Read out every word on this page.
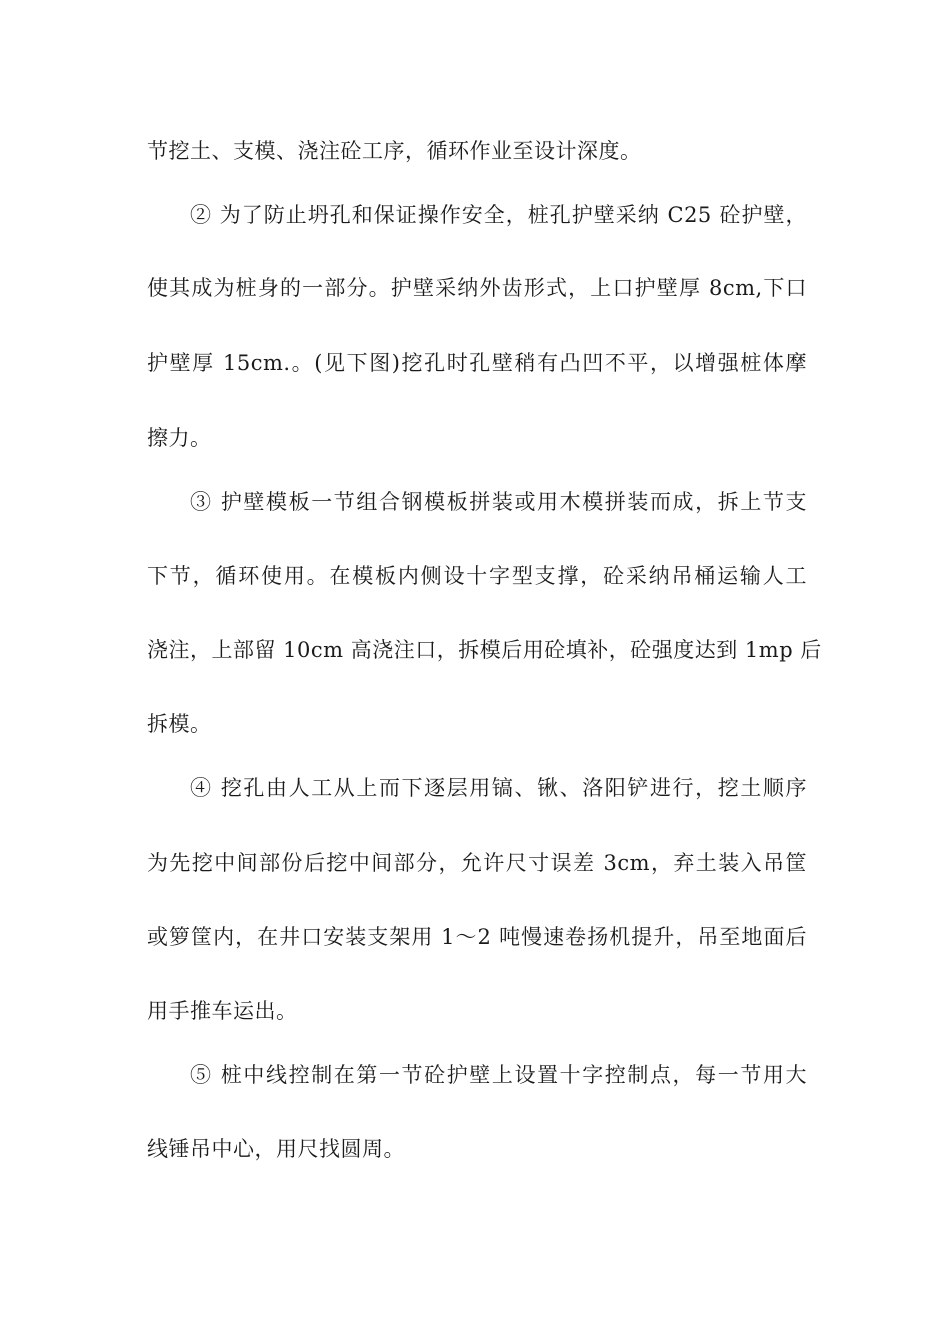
节挖土、支模、浇注砼工序，循环作业至设计深度。
② 为了防止坍孔和保证操作安全，桩孔护壁采纳 C25 砼护壁，
使其成为桩身的一部分。护壁采纳外齿形式，上口护壁厚 8cm,下口
护壁厚 15cm.。(见下图)挖孔时孔壁稍有凸凹不平，以增强桩体摩
擦力。
③ 护壁模板一节组合钢模板拼装或用木模拼装而成，拆上节支
下节，循环使用。在模板内侧设十字型支撑，砼采纳吊桶运输人工
浇注，上部留 10cm 高浇注口，拆模后用砼填补，砼强度达到 1mp 后
拆模。
④ 挖孔由人工从上而下逐层用镐、锹、洛阳铲进行，挖土顺序
为先挖中间部份后挖中间部分，允许尺寸误差 3cm，弃土装入吊筐
或箩筐内，在井口安装支架用 1～2 吨慢速卷扬机提升，吊至地面后
用手推车运出。
⑤ 桩中线控制在第一节砼护壁上设置十字控制点，每一节用大
线锤吊中心，用尺找圆周。
